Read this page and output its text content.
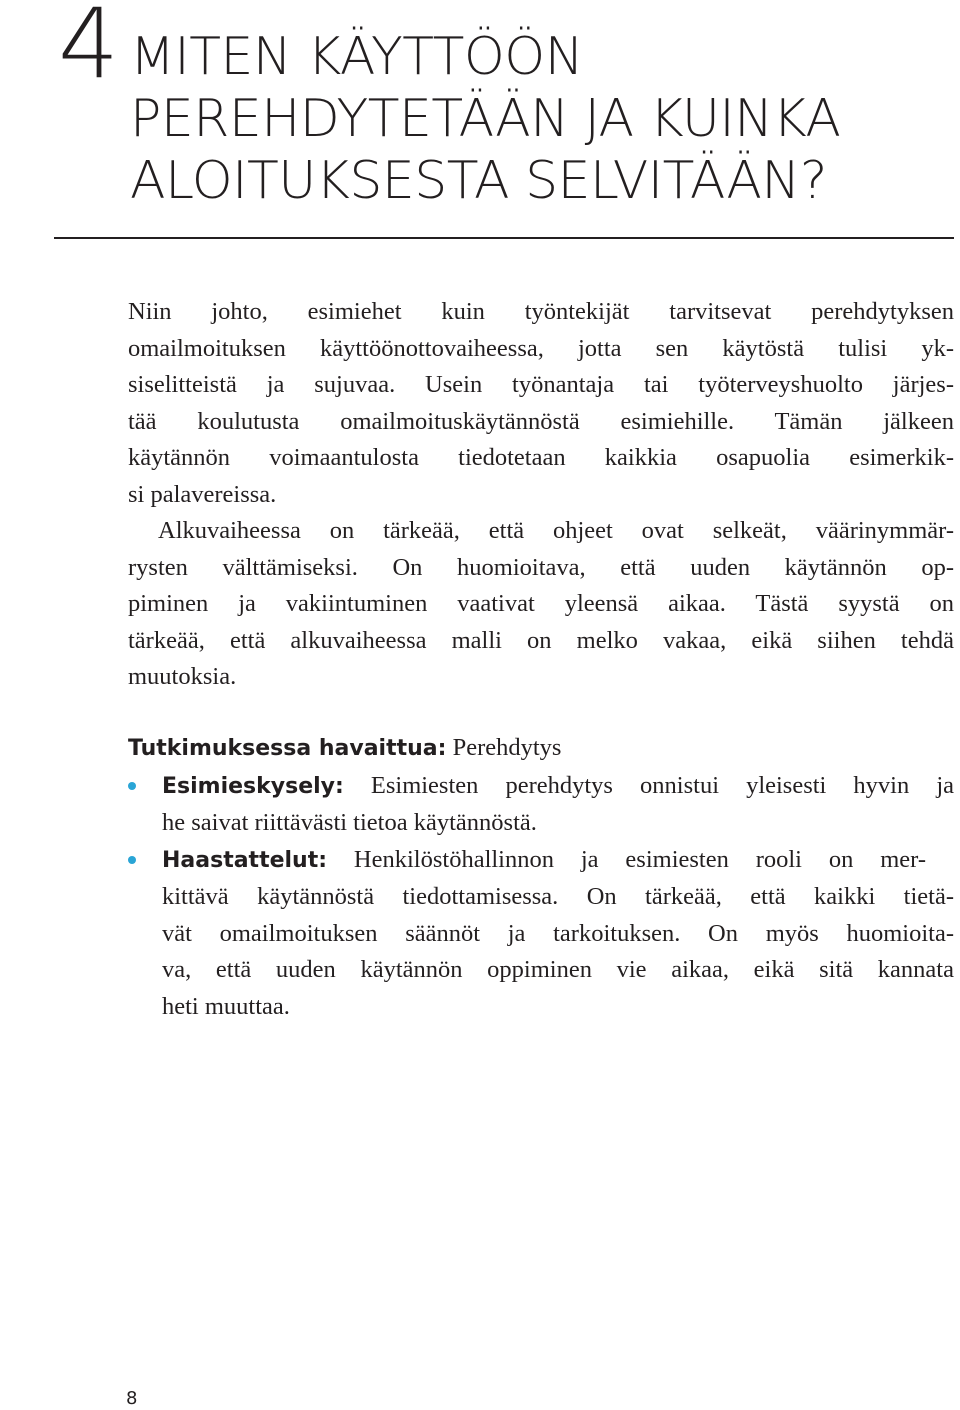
4 MITEN KÄYTTÖÖN
PEREHDYTETÄÄN JA KUINKA
ALOITUKSESTA SELVITÄÄN?

Niin johto, esimiehet kuin työntekijät tarvitsevat perehdytyksen
omailmoituksen käyttöönottovaiheessa, jotta sen käytöstä tulisi yk-
siselitteistä ja sujuvaa. Usein työnantaja tai työterveyshuolto järjes-
tää koulutusta omailmoituskäytännöstä esimiehille. Tämän jälkeen
käytännön voimaantulosta tiedotetaan kaikkia osapuolia esimerkik-
si palavereissa.

Alkuvaiheessa on tärkeää, että ohjeet ovat selkeät, väärinymmär-
rysten välttämiseksi. On huomioitava, että uuden käytännön op-
piminen ja vakiintuminen vaativat yleensä aikaa. Tästä syystä on
tärkeää, että alkuvaiheessa malli on melko vakaa, eikä siihen tehdä
muutoksia.

Tutkimuksessa havaittua: Perehdytys
Esimieskysely: Esimiesten perehdytys onnistui yleisesti hyvin ja
he saivat riittävästi tietoa käytännöstä.
Haastattelut: Henkilöstöhallinnon ja esimiesten rooli on mer-
kittävä käytännöstä tiedottamisessa. On tärkeää, että kaikki tietä-
vät omailmoituksen säännöt ja tarkoituksen. On myös huomioita-
va, että uuden käytännön oppiminen vie aikaa, eikä sitä kannata
heti muuttaa.
8
